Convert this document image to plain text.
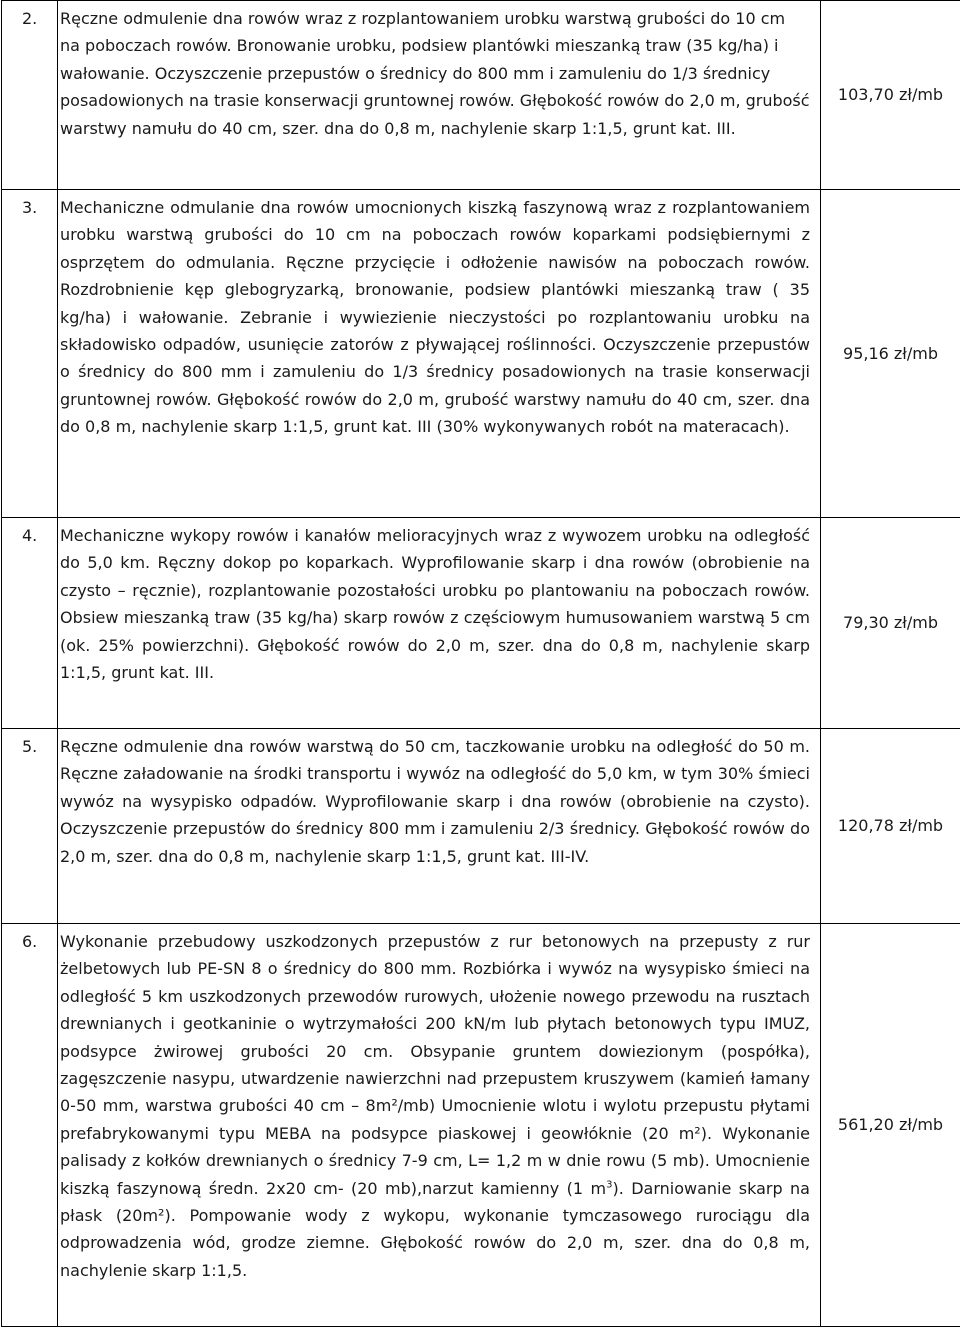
2.	Ręczne odmulenie dna rowów wraz z rozplantowaniem urobku warstwą grubości do 10 cm na poboczach rowów. Bronowanie urobku, podsiew plantówki mieszanką traw (35 kg/ha) i wałowanie. Oczyszczenie przepustów o średnicy do 800 mm i zamuleniu do 1/3 średnicy posadowionych na trasie konserwacji gruntownej rowów. Głębokość rowów do 2,0 m, grubość warstwy namułu do 40 cm, szer. dna do 0,8 m, nachylenie skarp 1:1,5, grunt kat. III.	103,70 zł/mb

3.	Mechaniczne odmulanie dna rowów umocnionych kiszką faszynową wraz z rozplantowaniem urobku warstwą grubości do 10 cm na poboczach rowów koparkami podsiębiernymi z osprzętem do odmulania. Ręczne przycięcie i odłożenie nawisów na poboczach rowów. Rozdrobnienie kęp glebogryzarką, bronowanie, podsiew plantówki mieszanką traw ( 35 kg/ha) i wałowanie. Zebranie i wywiezienie nieczystości po rozplantowaniu urobku na składowisko odpadów, usunięcie zatorów z pływającej roślinności. Oczyszczenie przepustów o średnicy do 800 mm i zamuleniu do 1/3 średnicy posadowionych na trasie konserwacji gruntownej rowów. Głębokość rowów do 2,0 m, grubość warstwy namułu do 40 cm, szer. dna do 0,8 m, nachylenie skarp 1:1,5, grunt kat. III (30% wykonywanych robót na materacach).	95,16 zł/mb

4.	Mechaniczne wykopy rowów i kanałów melioracyjnych wraz z wywozem urobku na odległość do 5,0 km. Ręczny dokop po koparkach. Wyprofilowanie skarp i dna rowów (obrobienie na czysto – ręcznie), rozplantowanie pozostałości urobku po plantowaniu na poboczach rowów. Obsiew mieszanką traw (35 kg/ha) skarp rowów z częściowym humusowaniem warstwą 5 cm (ok. 25% powierzchni). Głębokość rowów do 2,0 m, szer. dna do 0,8 m, nachylenie skarp 1:1,5, grunt kat. III.	79,30 zł/mb

5.	Ręczne odmulenie dna rowów warstwą do 50 cm, taczkowanie urobku na odległość do 50 m. Ręczne załadowanie na środki transportu i wywóz na odległość do 5,0 km, w tym 30% śmieci wywóz na wysypisko odpadów. Wyprofilowanie skarp i dna rowów (obrobienie na czysto). Oczyszczenie przepustów do średnicy 800 mm i zamuleniu 2/3 średnicy. Głębokość rowów do 2,0 m, szer. dna do 0,8 m, nachylenie skarp 1:1,5, grunt kat. III-IV.	120,78 zł/mb

6.	Wykonanie przebudowy uszkodzonych przepustów z rur betonowych na przepusty z rur żelbetowych lub PE-SN 8 o średnicy do 800 mm. Rozbiórka i wywóz na wysypisko śmieci na odległość 5 km uszkodzonych przewodów rurowych, ułożenie nowego przewodu na rusztach drewnianych i geotkaninie o wytrzymałości 200 kN/m lub płytach betonowych typu IMUZ, podsypce żwirowej grubości 20 cm. Obsypanie gruntem dowiezionym (pospółka), zagęszczenie nasypu, utwardzenie nawierzchni nad przepustem kruszywem (kamień łamany 0-50 mm, warstwa grubości 40 cm – 8m²/mb) Umocnienie wlotu i wylotu przepustu płytami prefabrykowanymi typu MEBA na podsypce piaskowej i geowłóknie (20 m²). Wykonanie palisady z kołków drewnianych o średnicy 7-9 cm, L= 1,2 m w dnie rowu (5 mb). Umocnienie kiszką faszynową średn. 2x20 cm- (20 mb),narzut kamienny (1 $m^3$). Darniowanie skarp na płask (20m²). Pompowanie wody z wykopu, wykonanie tymczasowego rurociągu dla odprowadzenia wód, grodze ziemne. Głębokość rowów do 2,0 m, szer. dna do 0,8 m, nachylenie skarp 1:1,5.	561,20 zł/mb
